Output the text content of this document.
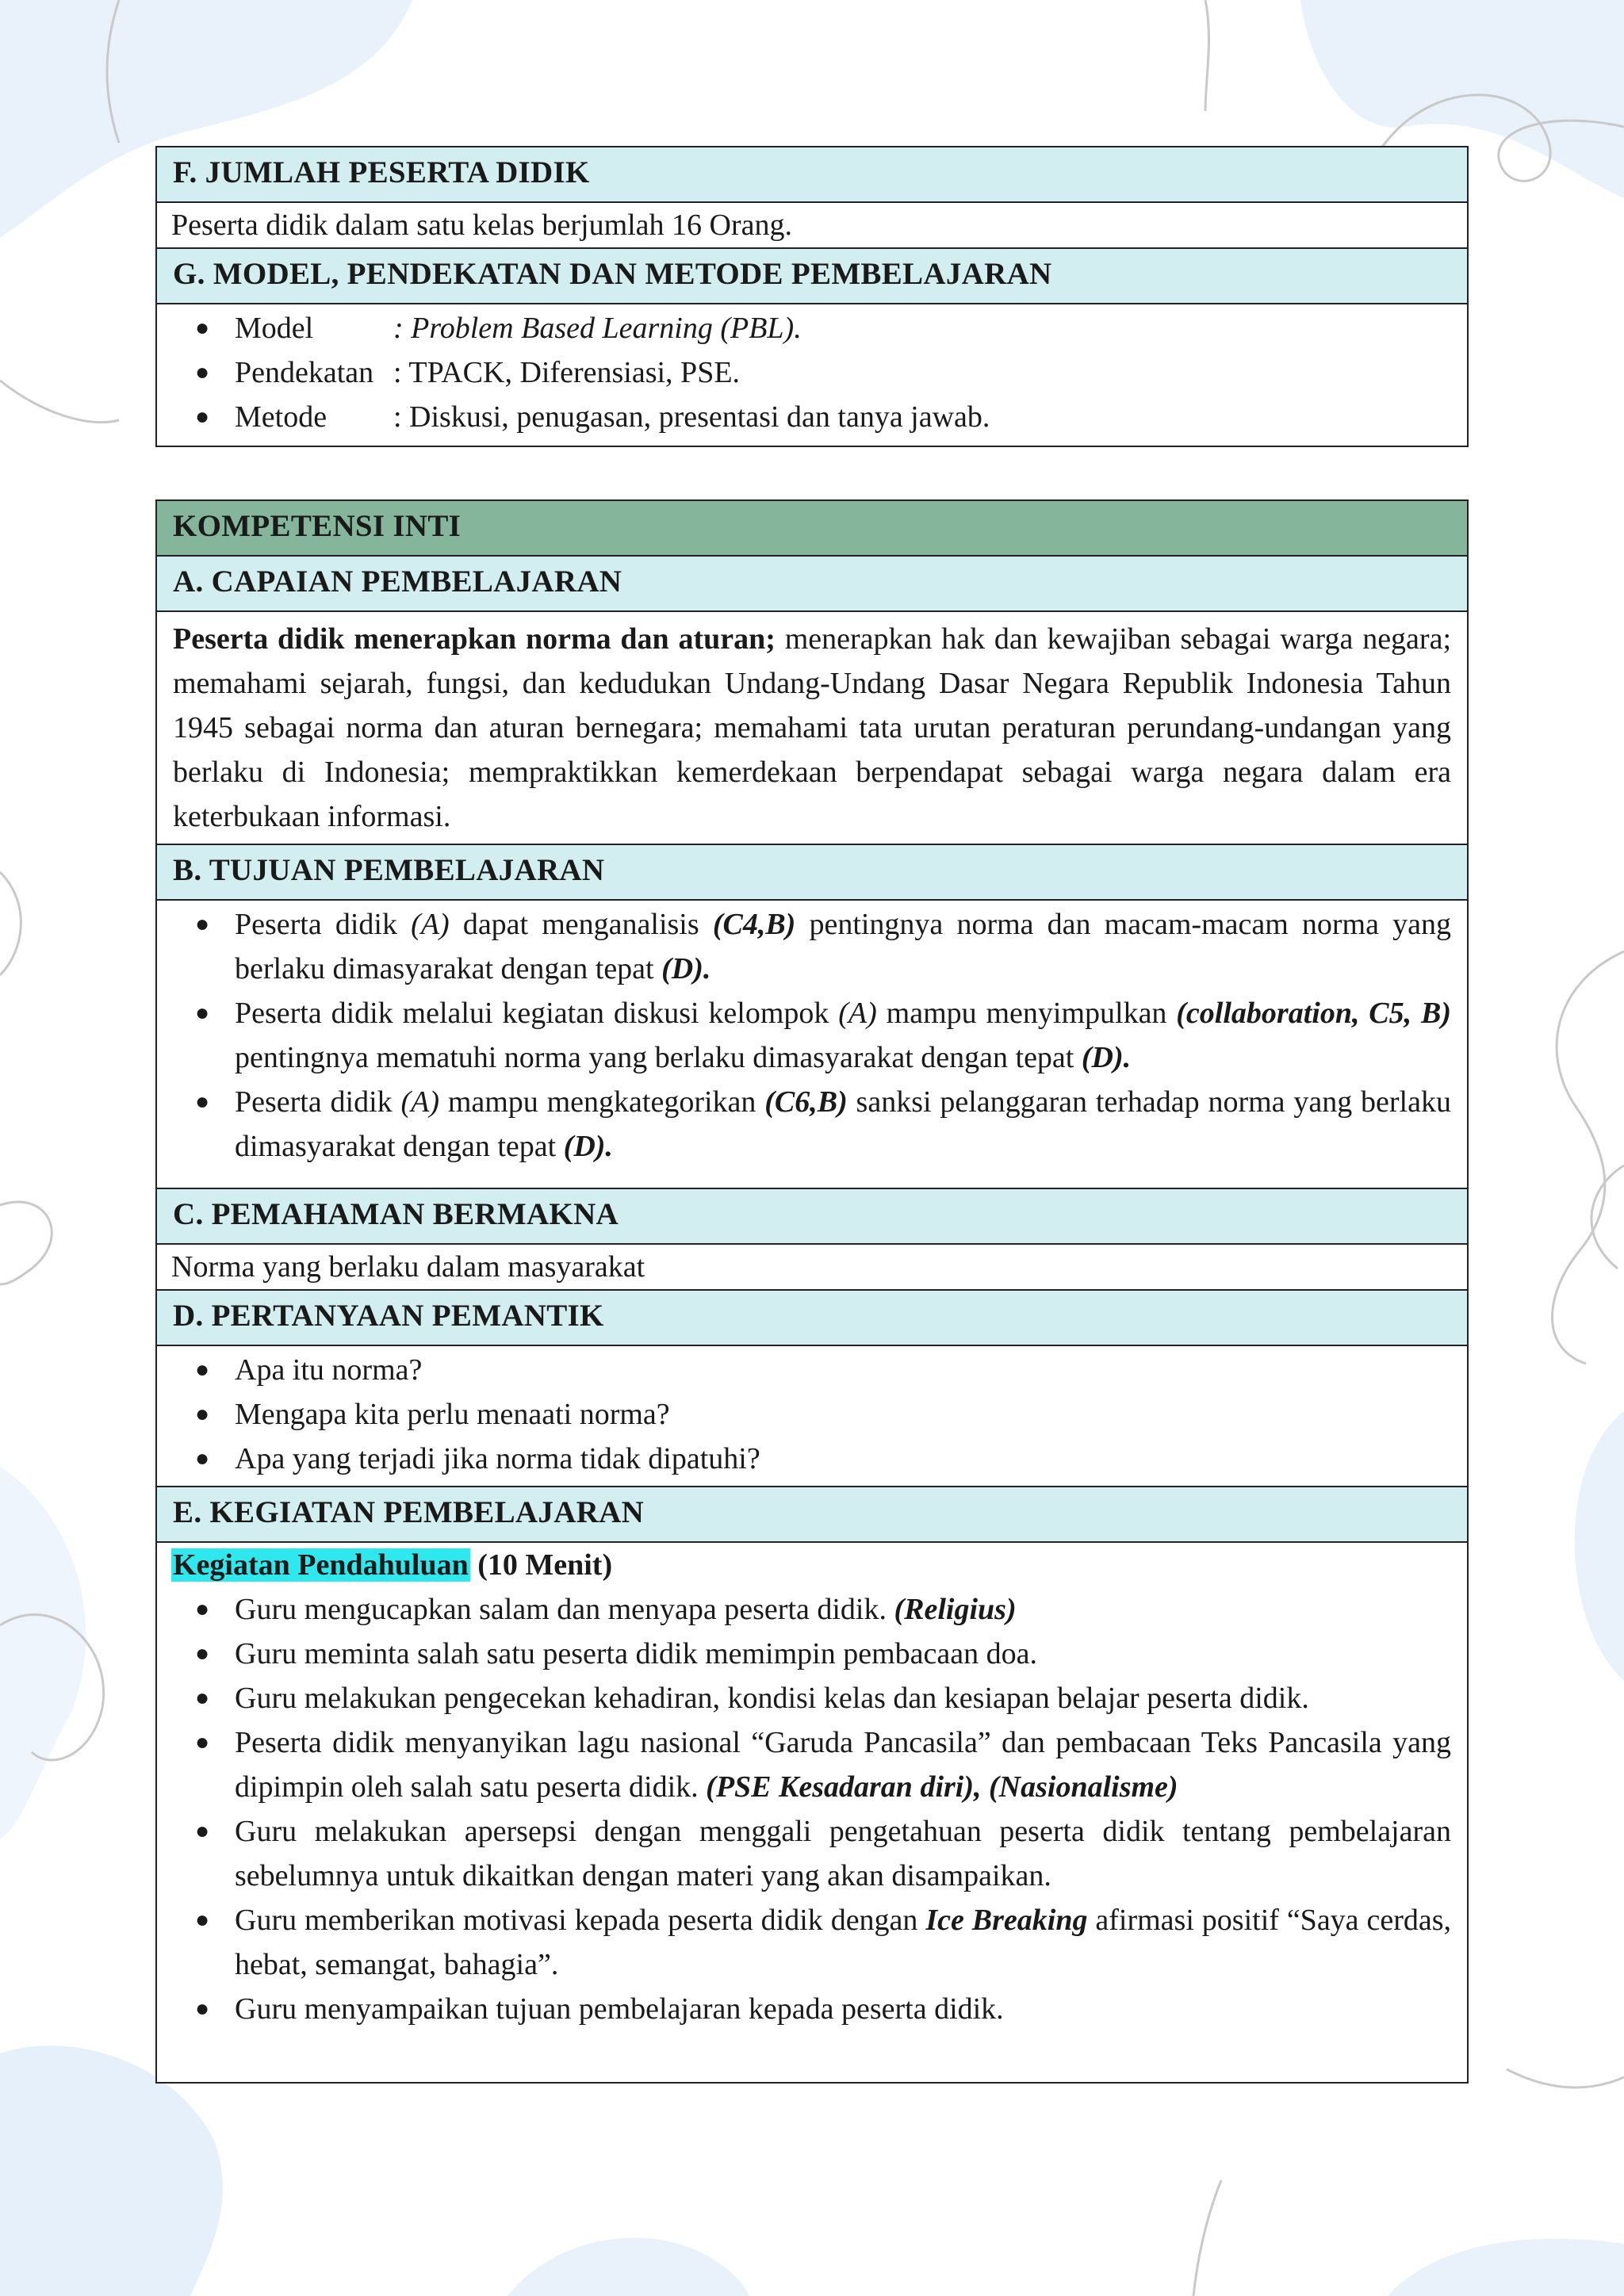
F. JUMLAH PESERTA DIDIK
Peserta didik dalam satu kelas berjumlah 16 Orang.
G. MODEL, PENDEKATAN DAN METODE PEMBELAJARAN
● Model	: Problem Based Learning (PBL).
● Pendekatan : TPACK, Diferensiasi, PSE.
● Metode : Diskusi, penugasan, presentasi dan tanya jawab.
KOMPETENSI INTI
A. CAPAIAN PEMBELAJARAN
Peserta didik menerapkan norma dan aturan; menerapkan hak dan kewajiban sebagai warga negara; memahami sejarah, fungsi, dan kedudukan Undang-Undang Dasar Negara Republik Indonesia Tahun 1945 sebagai norma dan aturan bernegara; memahami tata urutan peraturan perundang-undangan yang berlaku di Indonesia; mempraktikkan kemerdekaan berpendapat sebagai warga negara dalam era keterbukaan informasi.
B. TUJUAN PEMBELAJARAN
● Peserta didik (A) dapat menganalisis (C4,B) pentingnya norma dan macam-macam norma yang berlaku dimasyarakat dengan tepat (D).
● Peserta didik melalui kegiatan diskusi kelompok (A) mampu menyimpulkan (collaboration, C5, B) pentingnya mematuhi norma yang berlaku dimasyarakat dengan tepat (D).
● Peserta didik (A) mampu mengkategorikan (C6,B) sanksi pelanggaran terhadap norma yang berlaku dimasyarakat dengan tepat (D).
C. PEMAHAMAN BERMAKNA
Norma yang berlaku dalam masyarakat
D. PERTANYAAN PEMANTIK
● Apa itu norma?
● Mengapa kita perlu menaati norma?
● Apa yang terjadi jika norma tidak dipatuhi?
E. KEGIATAN PEMBELAJARAN
Kegiatan Pendahuluan (10 Menit)
● Guru mengucapkan salam dan menyapa peserta didik. (Religius)
● Guru meminta salah satu peserta didik memimpin pembacaan doa.
● Guru melakukan pengecekan kehadiran, kondisi kelas dan kesiapan belajar peserta didik.
● Peserta didik menyanyikan lagu nasional “Garuda Pancasila” dan pembacaan Teks Pancasila yang dipimpin oleh salah satu peserta didik. (PSE Kesadaran diri), (Nasionalisme)
● Guru melakukan apersepsi dengan menggali pengetahuan peserta didik tentang pembelajaran sebelumnya untuk dikaitkan dengan materi yang akan disampaikan.
● Guru memberikan motivasi kepada peserta didik dengan Ice Breaking afirmasi positif “Saya cerdas, hebat, semangat, bahagia”.
● Guru menyampaikan tujuan pembelajaran kepada peserta didik.
